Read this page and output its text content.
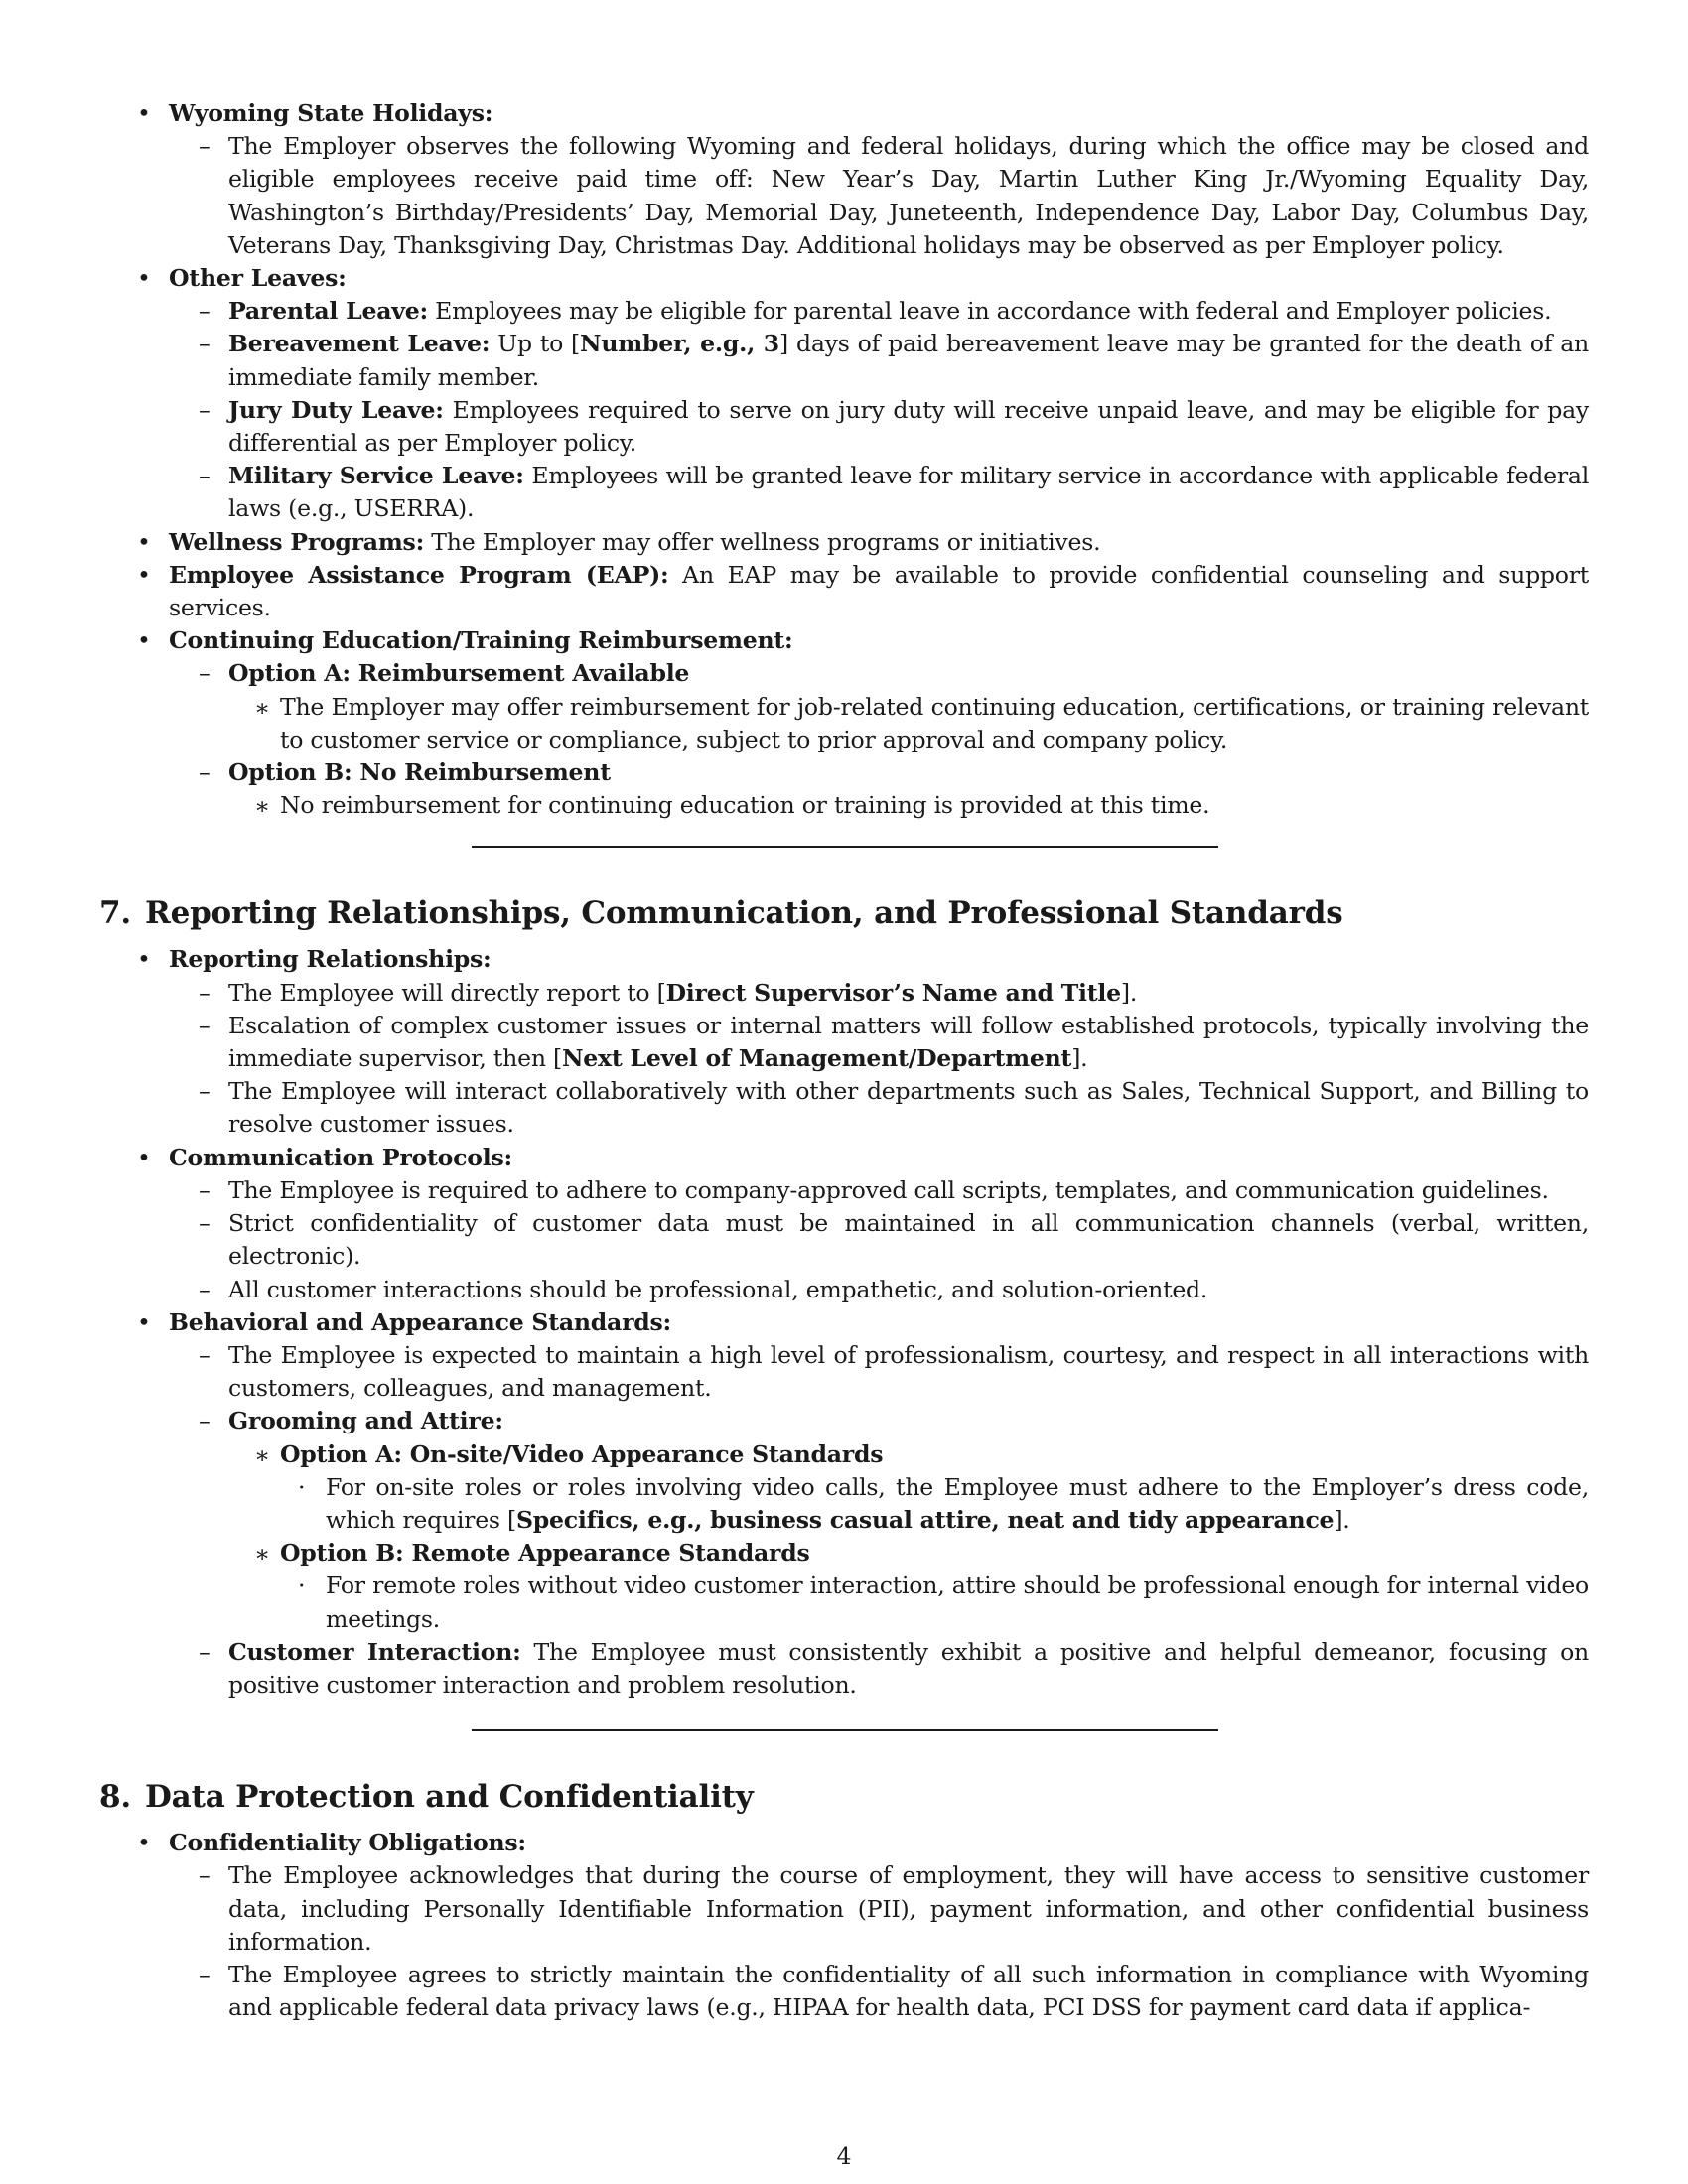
• Wyoming State Holidays:
– The Employer observes the following Wyoming and federal holidays, during which the office may be closed and eligible employees receive paid time off: New Year’s Day, Martin Luther King Jr./Wyoming Equality Day, Washington’s Birthday/Presidents’ Day, Memorial Day, Juneteenth, Independence Day, Labor Day, Columbus Day, Veterans Day, Thanksgiving Day, Christmas Day. Additional holidays may be observed as per Employer policy.
• Other Leaves:
– Parental Leave: Employees may be eligible for parental leave in accordance with federal and Employer policies.
– Bereavement Leave: Up to [Number, e.g., 3] days of paid bereavement leave may be granted for the death of an immediate family member.
– Jury Duty Leave: Employees required to serve on jury duty will receive unpaid leave, and may be eligible for pay differential as per Employer policy.
– Military Service Leave: Employees will be granted leave for military service in accordance with applicable federal laws (e.g., USERRA).
• Wellness Programs: The Employer may offer wellness programs or initiatives.
• Employee Assistance Program (EAP): An EAP may be available to provide confidential counseling and support services.
• Continuing Education/Training Reimbursement:
– Option A: Reimbursement Available
∗ The Employer may offer reimbursement for job-related continuing education, certifications, or training relevant to customer service or compliance, subject to prior approval and company policy.
– Option B: No Reimbursement
∗ No reimbursement for continuing education or training is provided at this time.
7. Reporting Relationships, Communication, and Professional Standards
• Reporting Relationships:
– The Employee will directly report to [Direct Supervisor’s Name and Title].
– Escalation of complex customer issues or internal matters will follow established protocols, typically involving the immediate supervisor, then [Next Level of Management/Department].
– The Employee will interact collaboratively with other departments such as Sales, Technical Support, and Billing to resolve customer issues.
• Communication Protocols:
– The Employee is required to adhere to company-approved call scripts, templates, and communication guidelines.
– Strict confidentiality of customer data must be maintained in all communication channels (verbal, written, electronic).
– All customer interactions should be professional, empathetic, and solution-oriented.
• Behavioral and Appearance Standards:
– The Employee is expected to maintain a high level of professionalism, courtesy, and respect in all interactions with customers, colleagues, and management.
– Grooming and Attire:
∗ Option A: On-site/Video Appearance Standards
· For on-site roles or roles involving video calls, the Employee must adhere to the Employer’s dress code, which requires [Specifics, e.g., business casual attire, neat and tidy appearance].
∗ Option B: Remote Appearance Standards
· For remote roles without video customer interaction, attire should be professional enough for internal video meetings.
– Customer Interaction: The Employee must consistently exhibit a positive and helpful demeanor, focusing on positive customer interaction and problem resolution.
8. Data Protection and Confidentiality
• Confidentiality Obligations:
– The Employee acknowledges that during the course of employment, they will have access to sensitive customer data, including Personally Identifiable Information (PII), payment information, and other confidential business information.
– The Employee agrees to strictly maintain the confidentiality of all such information in compliance with Wyoming and applicable federal data privacy laws (e.g., HIPAA for health data, PCI DSS for payment card data if applica-
4
